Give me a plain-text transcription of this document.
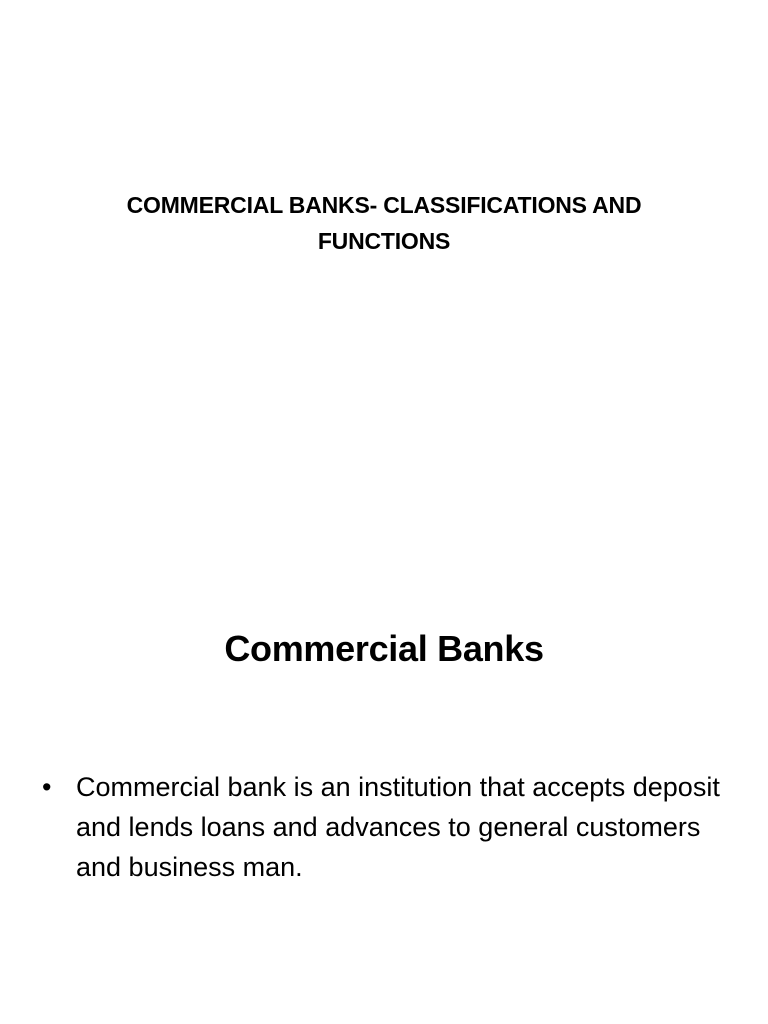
COMMERCIAL BANKS- CLASSIFICATIONS AND FUNCTIONS
Commercial Banks
• Commercial bank is an institution that accepts deposit and lends loans and advances to general customers and business man.
